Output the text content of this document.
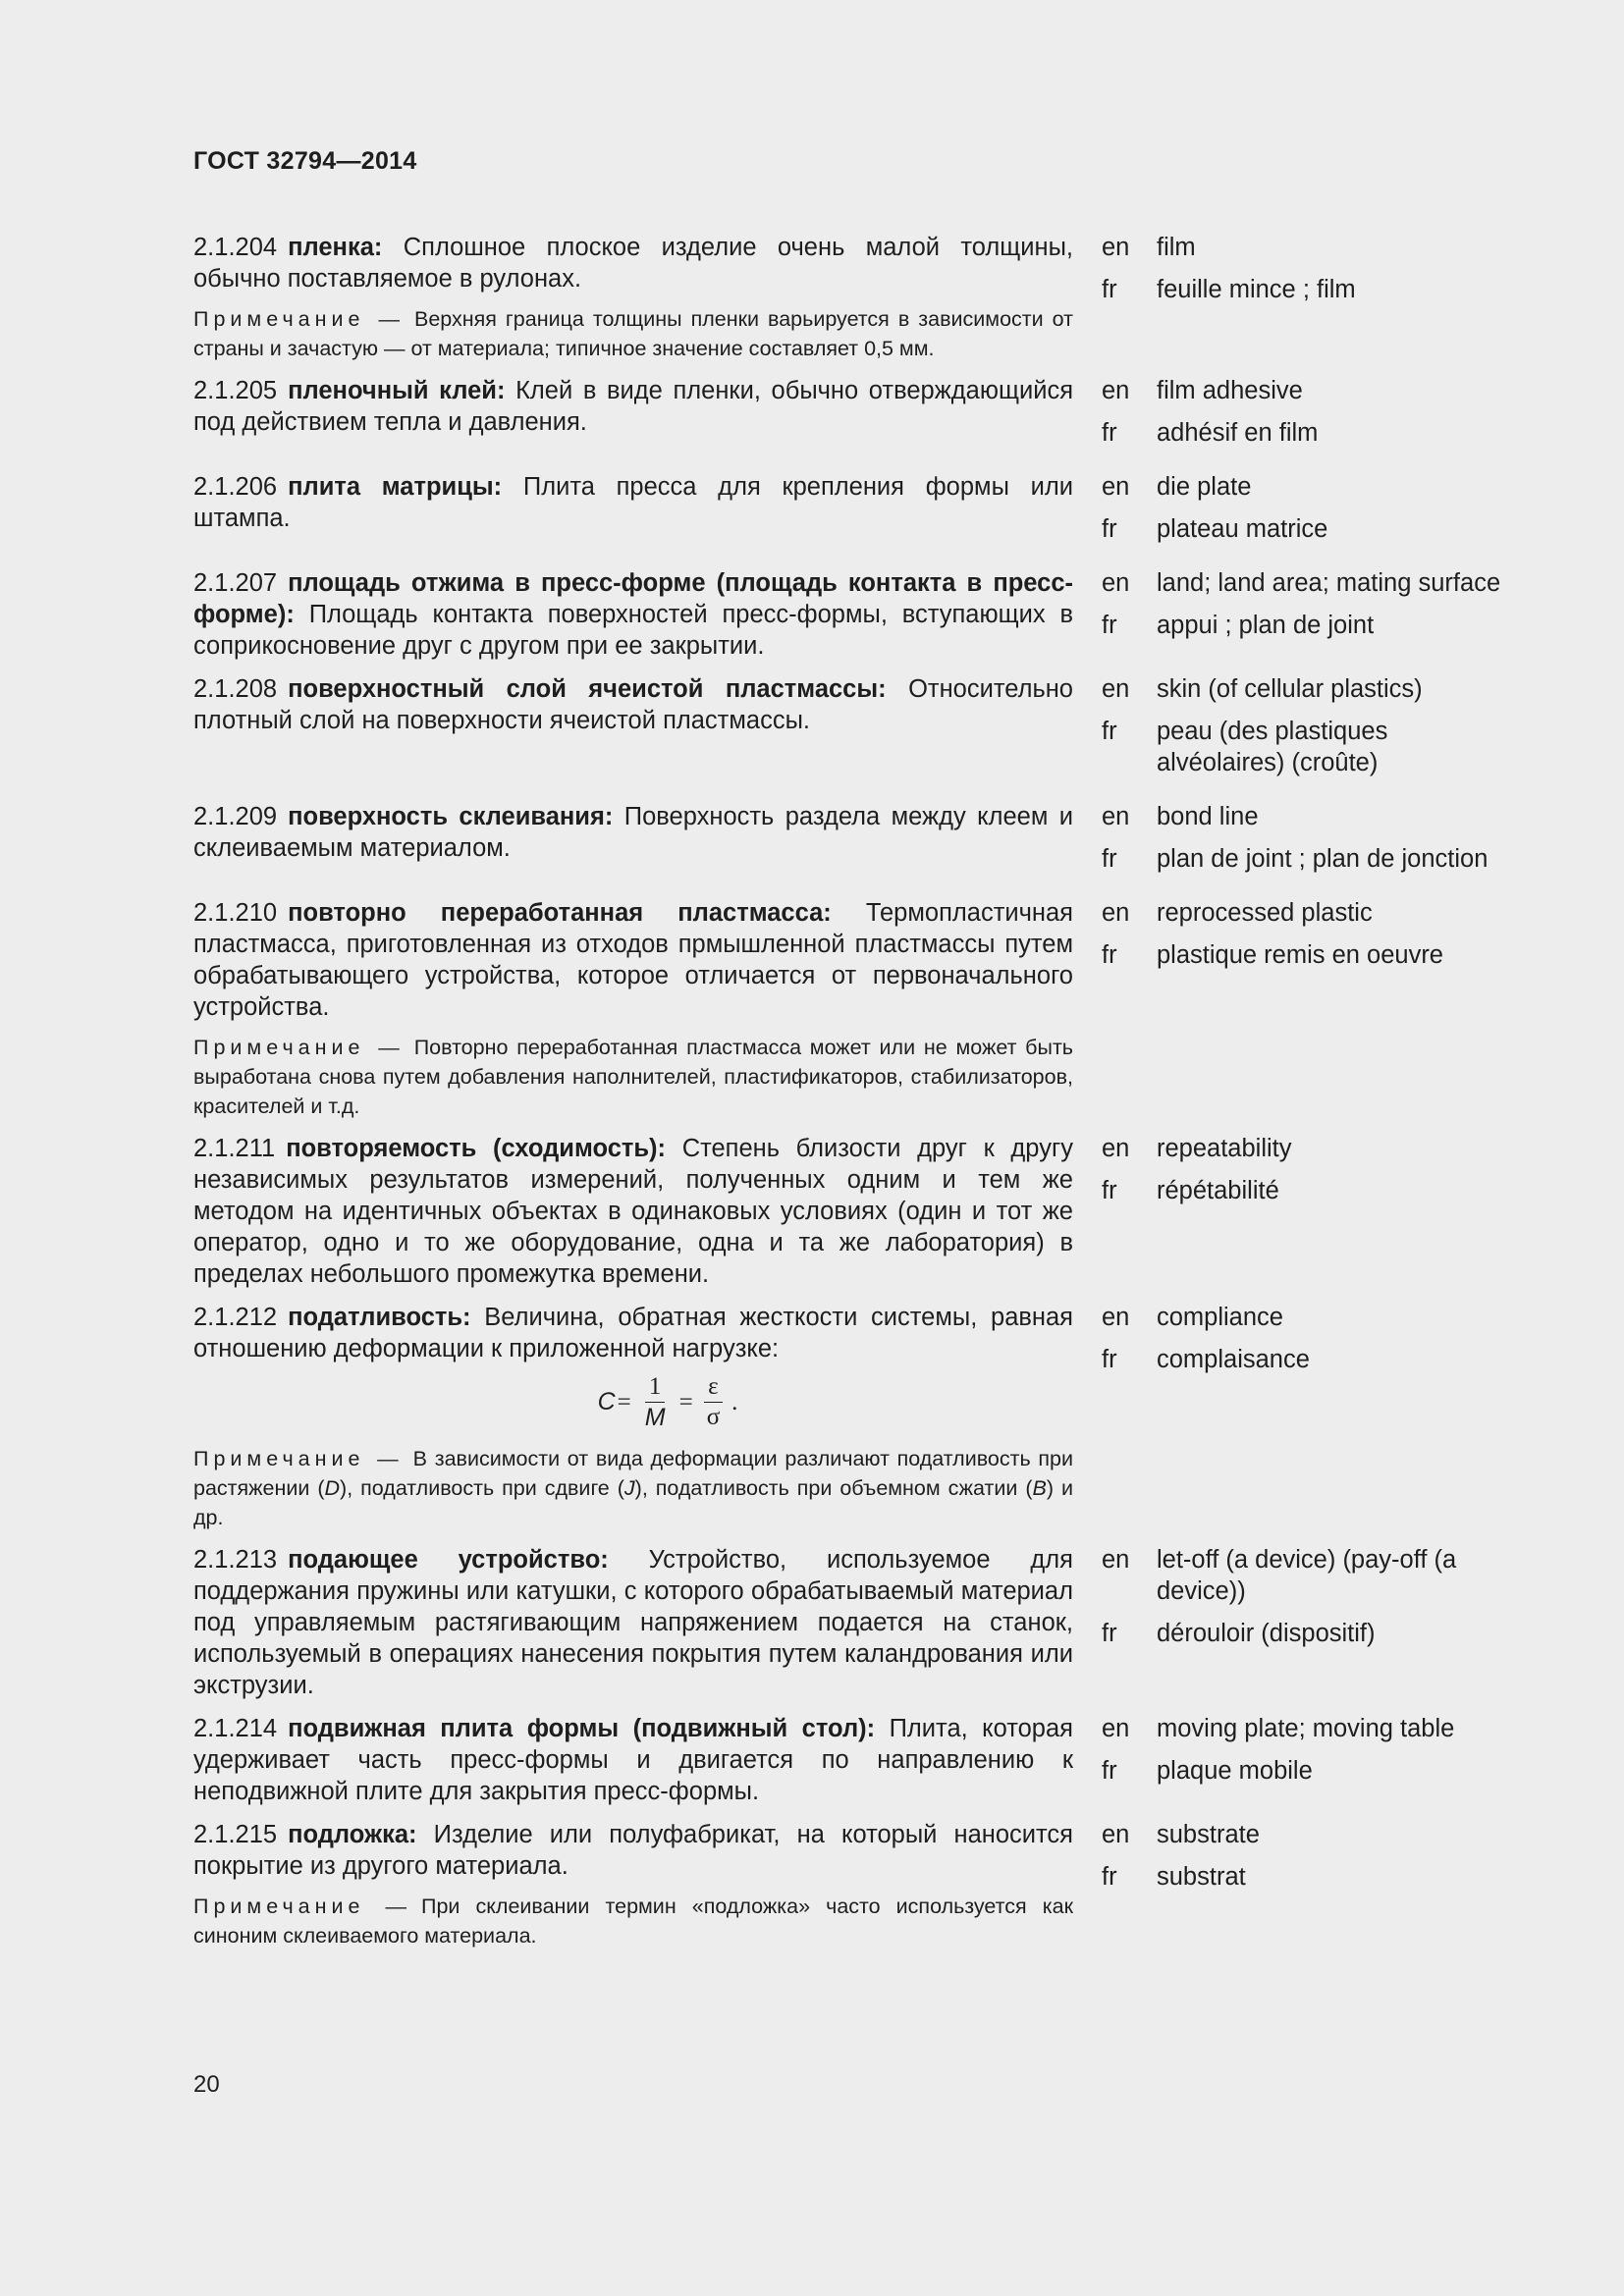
ГОСТ 32794—2014

2.1.204 пленка: Сплошное плоское изделие очень малой толщины, обычно поставляемое в рулонах.

Примечание — Верхняя граница толщины пленки варьируется в зависимости от страны и зачастую — от материала; типичное значение составляет 0,5 мм.

en	film
fr	feuille mince ; film

2.1.205 пленочный клей: Клей в виде пленки, обычно отверждающийся под действием тепла и давления.

en	film adhesive
fr	adhésif en film

2.1.206 плита матрицы: Плита пресса для крепления формы или штампа.

en	die plate
fr	plateau matrice

2.1.207 площадь отжима в пресс-форме (площадь контакта в пресс-форме): Площадь контакта поверхностей пресс-формы, вступающих в соприкосновение друг с другом при ее закрытии.

en	land; land area; mating surface
fr	appui ; plan de joint

2.1.208 поверхностный слой ячеистой пластмассы: Относительно плотный слой на поверхности ячеистой пластмассы.

en	skin (of cellular plastics)
fr	peau (des plastiques alvéolaires) (croûte)

2.1.209 поверхность склеивания: Поверхность раздела между клеем и склеиваемым материалом.

en	bond line
fr	plan de joint ; plan de jonction

2.1.210 повторно переработанная пластмасса: Термопластичная пластмасса, приготовленная из отходов прмышленной пластмассы путем обрабатывающего устройства, которое отличается от первоначального устройства.

Примечание — Повторно переработанная пластмасса может или не может быть выработана снова путем добавления наполнителей, пластификаторов, стабилизаторов, красителей и т.д.

en	reprocessed plastic
fr	plastique remis en oeuvre

2.1.211 повторяемость (сходимость): Степень близости друг к другу независимых результатов измерений, полученных одним и тем же методом на идентичных объектах в одинаковых условиях (один и тот же оператор, одно и то же оборудование, одна и та же лаборатория) в пределах небольшого промежутка времени.

en	repeatability
fr	répétabilité

2.1.212 податливость: Величина, обратная жесткости системы, равная отношению деформации к приложенной нагрузке:

$C = \frac{1}{M} = \frac{\varepsilon}{\sigma}$ .

Примечание — В зависимости от вида деформации различают податливость при растяжении (D), податливость при сдвиге (J), податливость при объемном сжатии (B) и др.

en	compliance
fr	complaisance

2.1.213 подающее устройство: Устройство, используемое для поддержания пружины или катушки, с которого обрабатываемый материал под управляемым растягивающим напряжением подается на станок, используемый в операциях нанесения покрытия путем каландрования или экструзии.

en	let-off (a device) (pay-off (a device))
fr	dérouloir (dispositif)

2.1.214 подвижная плита формы (подвижный стол): Плита, которая удерживает часть пресс-формы и двигается по направлению к неподвижной плите для закрытия пресс-формы.

en	moving plate; moving table
fr	plaque mobile

2.1.215 подложка: Изделие или полуфабрикат, на который наносится покрытие из другого материала.

Примечание — При склеивании термин «подложка» часто используется как синоним склеиваемого материала.

en	substrate
fr	substrat
20
